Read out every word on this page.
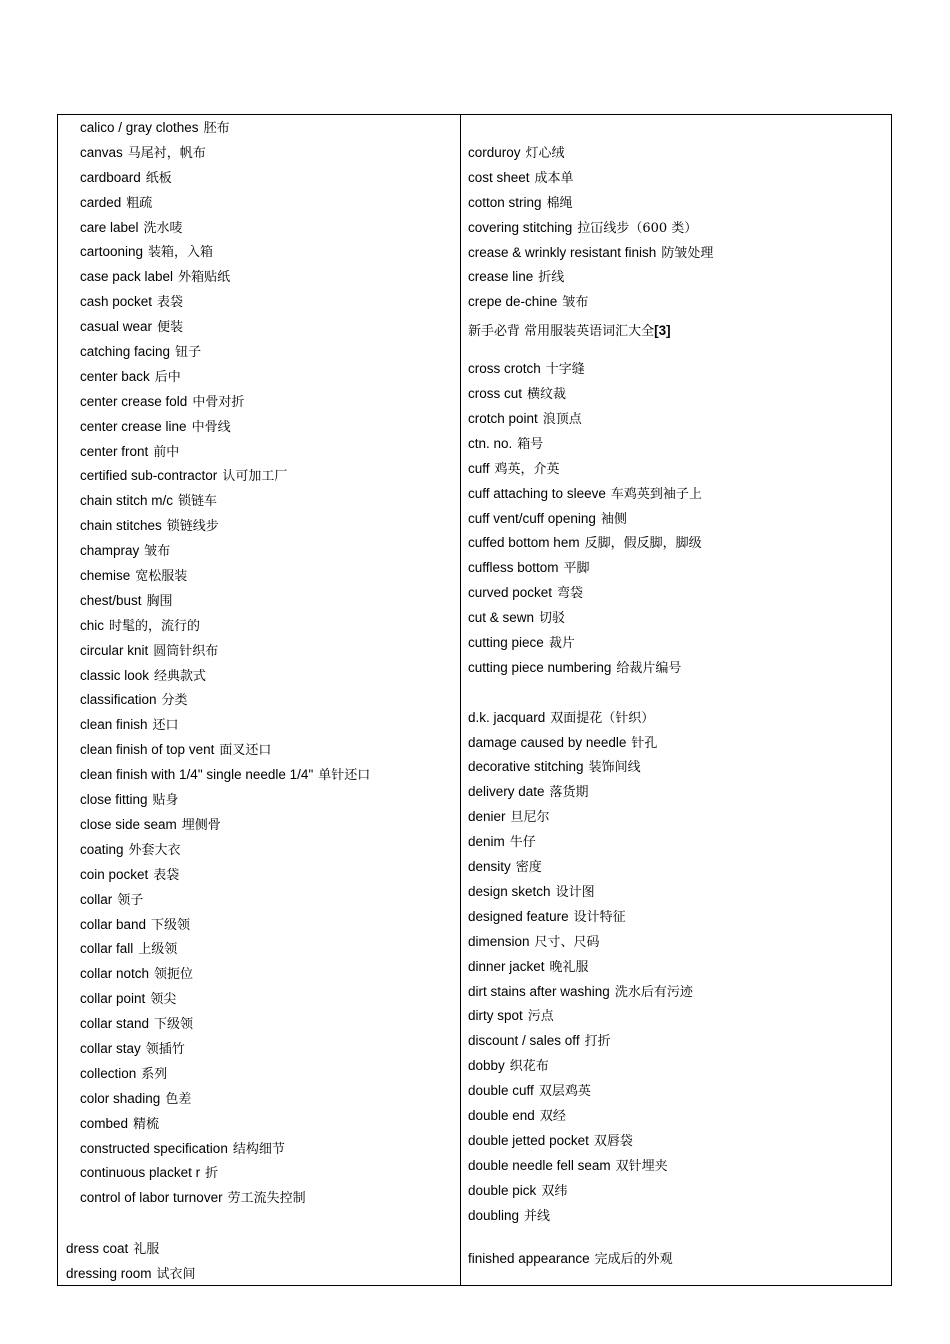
calico / gray clothes 胚布
canvas 马尾衬，帆布
cardboard 纸板
carded 粗疏
care label 洗水唛
cartooning 装箱，入箱
case pack label 外箱贴纸
cash pocket 表袋
casual wear 便装
catching facing 钮子
center back 后中
center crease fold 中骨对折
center crease line 中骨线
center front 前中
certified sub-contractor 认可加工厂
chain stitch m/c 锁链车
chain stitches 锁链线步
champray 皱布
chemise 宽松服装
chest/bust 胸围
chic 时髦的，流行的
circular knit 圆筒针织布
classic look 经典款式
classification 分类
clean finish 还口
clean finish of top vent 面叉还口
clean finish with 1/4" single needle 1/4" 单针还口
close fitting 贴身
close side seam 埋侧骨
coating 外套大衣
coin pocket 表袋
collar 领子
collar band 下级领
collar fall 上级领
collar notch 领扼位
collar point 领尖
collar stand 下级领
collar stay 领插竹
collection 系列
color shading 色差
combed 精梳
constructed specification 结构细节
continuous placket r 折
control of labor turnover 劳工流失控制
dress coat 礼服
dressing room 试衣间
corduroy 灯心绒
cost sheet 成本单
cotton string 棉绳
covering stitching 拉冚线步（600 类）
crease & wrinkly resistant finish 防皱处理
crease line 折线
crepe de-chine 皱布
新手必背 常用服装英语词汇大全[3]
cross crotch 十字缝
cross cut 横纹裁
crotch point 浪顶点
ctn. no. 箱号
cuff 鸡英，介英
cuff attaching to sleeve 车鸡英到袖子上
cuff vent/cuff opening 袖侧
cuffed bottom hem 反脚，假反脚，脚级
cuffless bottom 平脚
curved pocket 弯袋
cut & sewn 切驳
cutting piece 裁片
cutting piece numbering 给裁片编号
d.k. jacquard 双面提花（针织）
damage caused by needle 针孔
decorative stitching 装饰间线
delivery date 落货期
denier 旦尼尔
denim 牛仔
density 密度
design sketch 设计图
designed feature 设计特征
dimension 尺寸、尺码
dinner jacket 晚礼服
dirt stains after washing 洗水后有污迹
dirty spot 污点
discount / sales off 打折
dobby 织花布
double cuff 双层鸡英
double end 双经
double jetted pocket 双唇袋
double needle fell seam 双针埋夹
double pick 双纬
doubling 并线
finished appearance 完成后的外观
